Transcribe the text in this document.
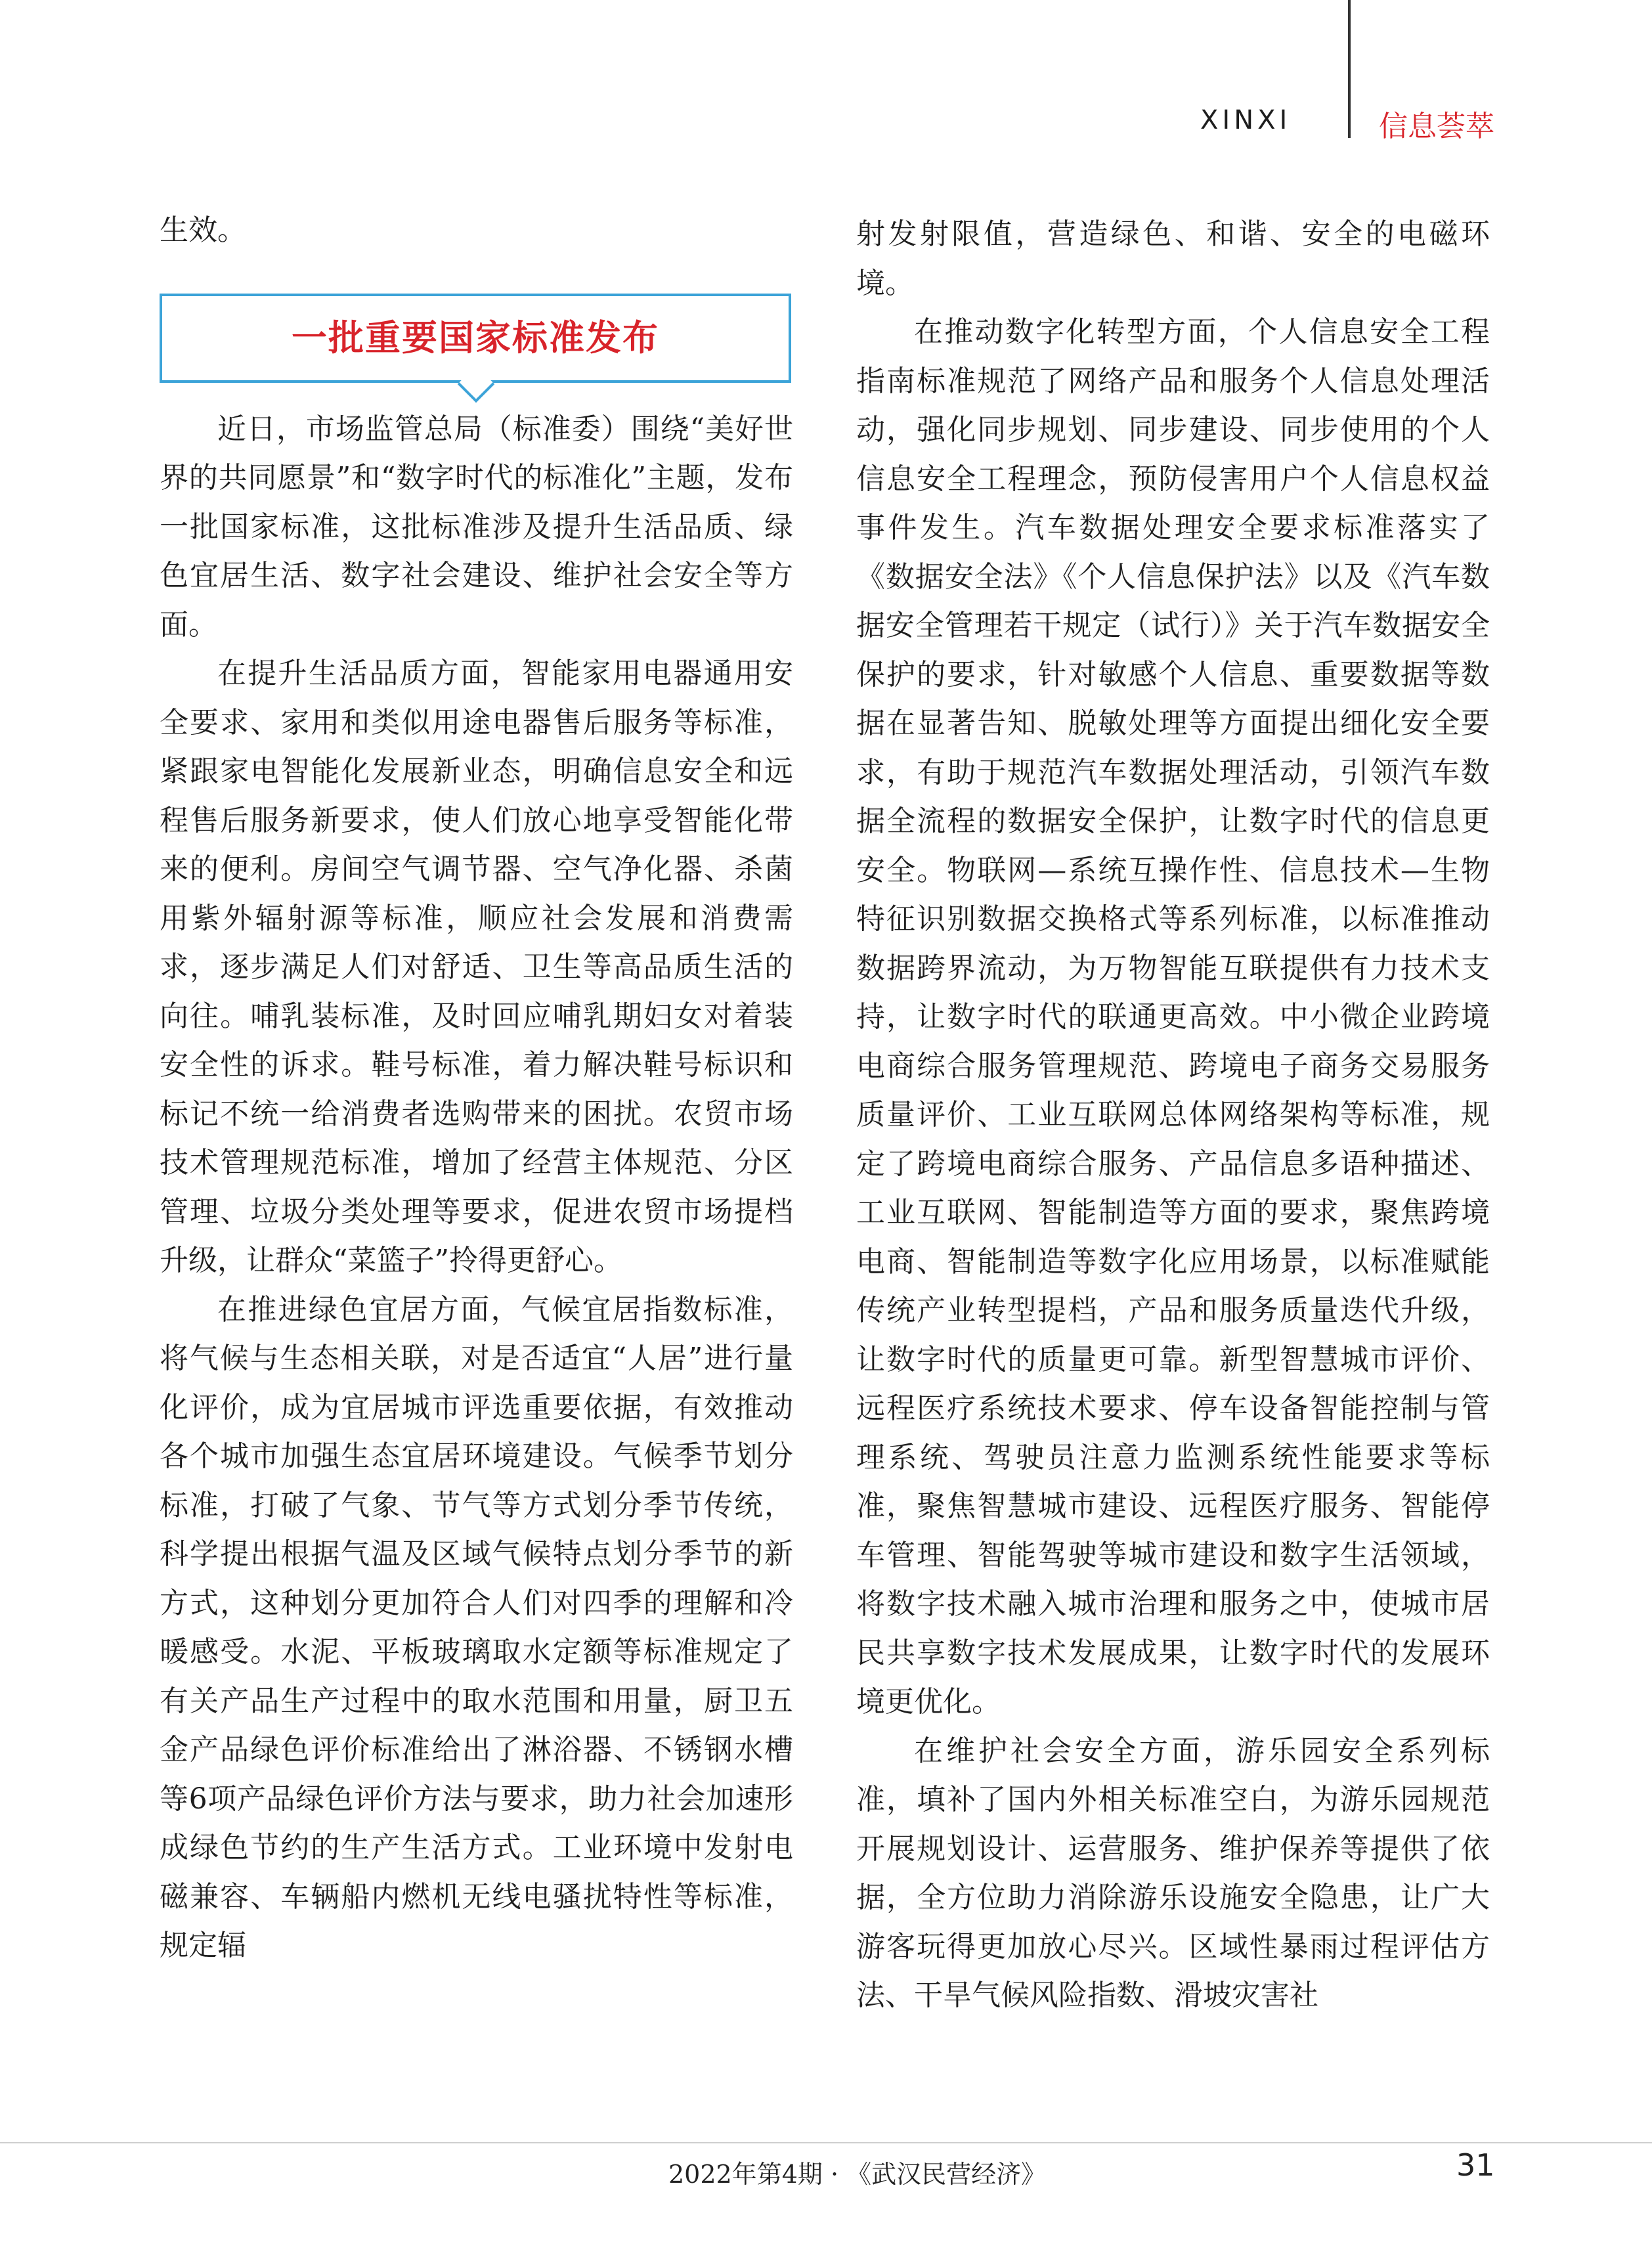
XINXI	信息荟萃

生效。

一批重要国家标准发布

近日，市场监管总局（标准委）围绕“美好世界的共同愿景”和“数字时代的标准化”主题，发布一批国家标准，这批标准涉及提升生活品质、绿色宜居生活、数字社会建设、维护社会安全等方面。

在提升生活品质方面，智能家用电器通用安全要求、家用和类似用途电器售后服务等标准，紧跟家电智能化发展新业态，明确信息安全和远程售后服务新要求，使人们放心地享受智能化带来的便利。房间空气调节器、空气净化器、杀菌用紫外辐射源等标准，顺应社会发展和消费需求，逐步满足人们对舒适、卫生等高品质生活的向往。哺乳装标准，及时回应哺乳期妇女对着装安全性的诉求。鞋号标准，着力解决鞋号标识和标记不统一给消费者选购带来的困扰。农贸市场技术管理规范标准，增加了经营主体规范、分区管理、垃圾分类处理等要求，促进农贸市场提档升级，让群众“菜篮子”拎得更舒心。

在推进绿色宜居方面，气候宜居指数标准，将气候与生态相关联，对是否适宜“人居”进行量化评价，成为宜居城市评选重要依据，有效推动各个城市加强生态宜居环境建设。气候季节划分标准，打破了气象、节气等方式划分季节传统，科学提出根据气温及区域气候特点划分季节的新方式，这种划分更加符合人们对四季的理解和冷暖感受。水泥、平板玻璃取水定额等标准规定了有关产品生产过程中的取水范围和用量，厨卫五金产品绿色评价标准给出了淋浴器、不锈钢水槽等6项产品绿色评价方法与要求，助力社会加速形成绿色节约的生产生活方式。工业环境中发射电磁兼容、车辆船内燃机无线电骚扰特性等标准，规定辐

射发射限值，营造绿色、和谐、安全的电磁环境。

在推动数字化转型方面，个人信息安全工程指南标准规范了网络产品和服务个人信息处理活动，强化同步规划、同步建设、同步使用的个人信息安全工程理念，预防侵害用户个人信息权益事件发生。汽车数据处理安全要求标准落实了《数据安全法》《个人信息保护法》以及《汽车数据安全管理若干规定（试行）》关于汽车数据安全保护的要求，针对敏感个人信息、重要数据等数据在显著告知、脱敏处理等方面提出细化安全要求，有助于规范汽车数据处理活动，引领汽车数据全流程的数据安全保护，让数字时代的信息更安全。物联网—系统互操作性、信息技术—生物特征识别数据交换格式等系列标准，以标准推动数据跨界流动，为万物智能互联提供有力技术支持，让数字时代的联通更高效。中小微企业跨境电商综合服务管理规范、跨境电子商务交易服务质量评价、工业互联网总体网络架构等标准，规定了跨境电商综合服务、产品信息多语种描述、工业互联网、智能制造等方面的要求，聚焦跨境电商、智能制造等数字化应用场景，以标准赋能传统产业转型提档，产品和服务质量迭代升级，让数字时代的质量更可靠。新型智慧城市评价、远程医疗系统技术要求、停车设备智能控制与管理系统、驾驶员注意力监测系统性能要求等标准，聚焦智慧城市建设、远程医疗服务、智能停车管理、智能驾驶等城市建设和数字生活领域，将数字技术融入城市治理和服务之中，使城市居民共享数字技术发展成果，让数字时代的发展环境更优化。

在维护社会安全方面，游乐园安全系列标准，填补了国内外相关标准空白，为游乐园规范开展规划设计、运营服务、维护保养等提供了依据，全方位助力消除游乐设施安全隐患，让广大游客玩得更加放心尽兴。区域性暴雨过程评估方法、干旱气候风险指数、滑坡灾害社

2022年第4期 · 《武汉民营经济》	31
